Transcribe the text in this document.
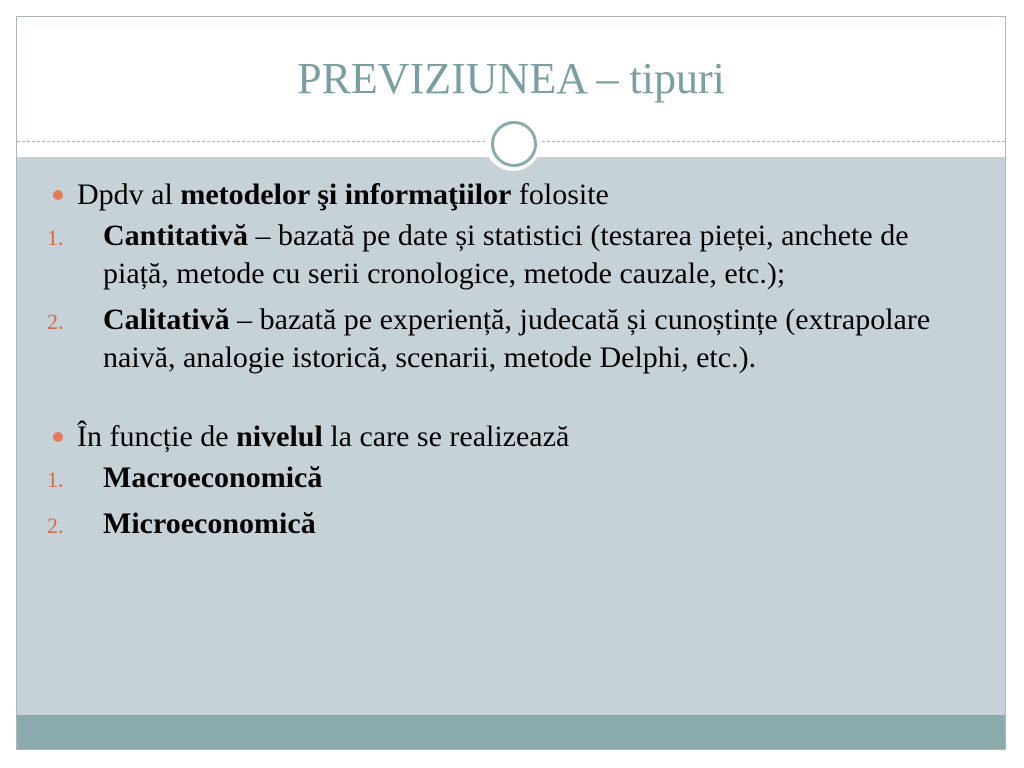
PREVIZIUNEA – tipuri
Dpdv al metodelor şi informaţiilor folosite
1. Cantitativă – bazată pe date și statistici (testarea pieței, anchete de piață, metode cu serii cronologice, metode cauzale, etc.);
2. Calitativă – bazată pe experiență, judecată și cunoștințe (extrapolare naivă, analogie istorică, scenarii, metode Delphi, etc.).
În funcție de nivelul la care se realizează
1. Macroeconomică
2. Microeconomică
